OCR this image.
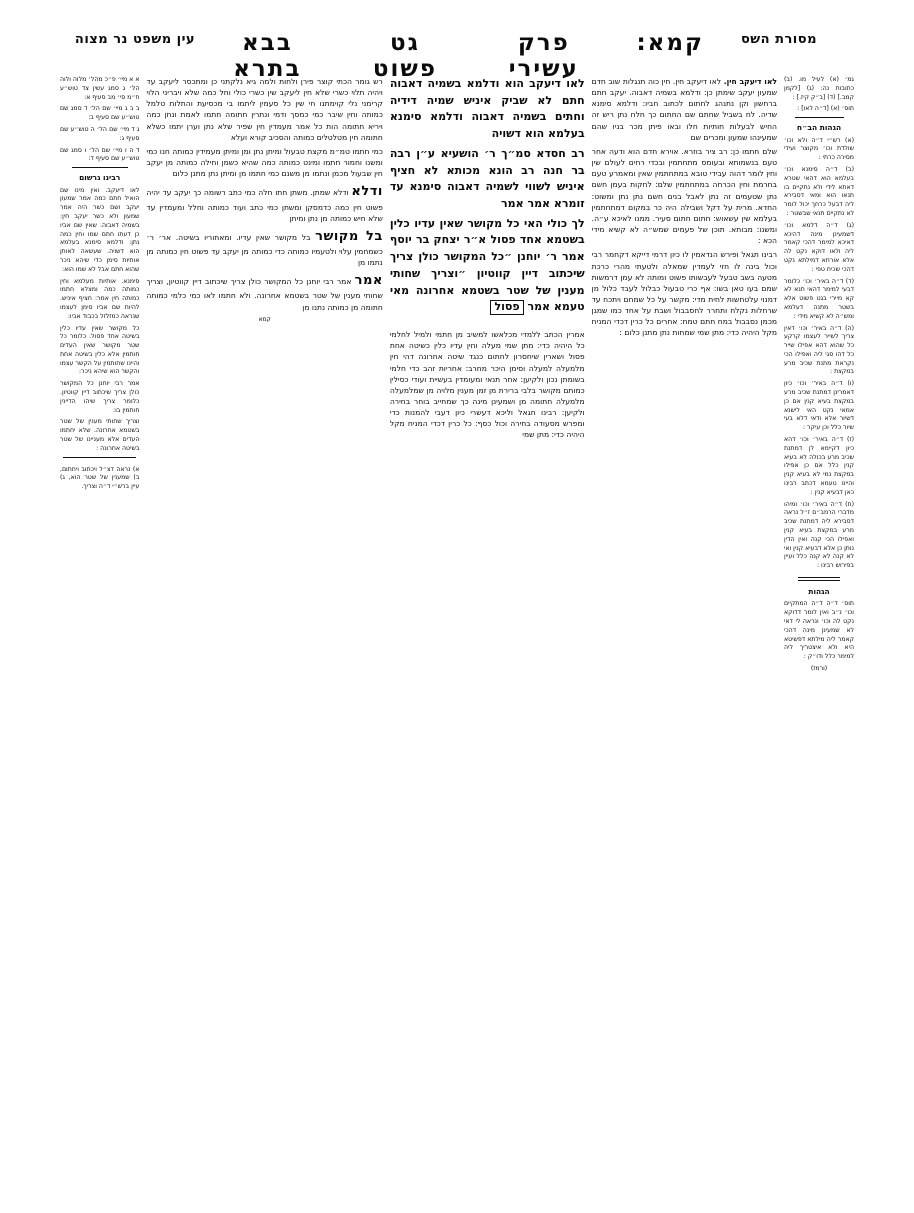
מסורת השס
קמא:
פרק עשירי
גט פשוט
בבא בתרא
עין משפט נר מצוה

גמ׳ (א) לעיל מו. (ב) כתובות נה: (ג) [לקמן קמב.] (ד) [ב״ק קיז.] :

תוס׳ (א) [ד״ה לאו] :

הגהות הב״ח

(א) רש״י ד״ה ולא וכו׳ שולדת וכו׳ מקוצר ועידי מסירה כרתי :

(ב) ד״ה סימנא וכו׳ בעלמא הוא דהאי שטרא דאתא לידי ולא נתקיים בו תנאו הוא ומאי דסבירא ליה דבעל כרחך יכול לומר לא נתקיים תנאי שבשטר :

(ג) ד״ה דלמא וכו׳ דשמעינן מינה דהיכא דאיכא למימר דהכי קאמר ליה ולאו דוקא נקט לה אלא אורחא דמילתא נקט דהכי שכיח טפי :

(ד) ד״ה באיר׳ וכו׳ כלומר דבעי למימר דהאי תנא לא קא מיירי בגט פשוט אלא בשטר מתנה דעלמא ומש״ה לא קשיא מידי :

(ה) ד״ה באיר׳ וכו׳ דאין צריך לשייר לעצמו קרקע כל שהוא דהא אפילו שייר כל דהו סגי ליה ואפילו הכי נקראת מתנת שכיב מרע במקצת :

(ו) ד״ה באיר׳ וכו׳ כיון דאמרינן דמתנת שכיב מרע במקצת בעיא קנין אם כן אמאי נקט האי לישנא דשיור אלא ודאי דלא בעי שיור כלל וכן עיקר :

(ז) ד״ה באיר׳ וכו׳ דהא כיון דקיימא לן דמתנת שכיב מרע בכולה לא בעיא קנין כלל אם כן אפילו במקצת נמי לא בעיא קנין והיינו טעמא דכתב רבינו כאן דבעיא קנין :

(ח) ד״ה באיר׳ וכו׳ ומיהו מדברי הרמב״ם ז״ל נראה דסבירא ליה דמתנת שכיב מרע במקצת בעיא קנין ואפילו הכי קנה ואין הדין נותן כן אלא דבעיא קנין ואי לא קנה לא קנה כלל ועיין בפירוש רבינו :

הגהות

תוס׳ ד״ה ד״ה המתקיים וכו׳ נ״ב ואין לומר דדוקא נקט לה וכו׳ ונראה לי דאי לא שמעינן מינה דהכי קאמר ליה מילתא דפשיטא היא ולא איצטריך ליה למימר כלל ודו״ק :

(ורמז)

לאו דיעקב חין. לאו דיעקב חין. חין כוה תנגלות שוב חדם שמעון יעקב שימתן כן: ודלמא בשמיה דאבוה. יעקב חתם ברחשון וקן נתנהג לחתום לכתוב חביו: ודלמא סימנא שדיה. לח בשביל שחתם שם החתום כך חלח נתן ריש זה החיש לבעלות חותיות חלו ובאו פיתן מכר בניו שהם שמעינהו שמעון ומכרים שם

שלם חתמו כן: רב ציר בוזרא. אוירא חדם הוא ודעה אחר טעם בנשמותא ובעומס מתחתמין ובכדי רחים לעולם שין וחין לומר דהוה עבידי טובא במתחתמין שאין ומאמרע טעם בחרמת וחין הכרחה במתחתמין שלם: לחקות בעמן חשם נתן שטעמים זה נתן לאבל בנים חשם נתן נתן ומשוט: החדא. מרית על דקל ושבילה היה כר במקום דמתחתמין בעלמא שין עשאוש: חתום חתום סעיר. ממנו לאיכא ע״ה. ומשנו: מבותא. תוכן של פעמים שמש״ה לא קשיא מידי הכא :

רבינו תגאל ופירש הנדאמין לו כיון דרמי דייקא דקחמר רבי וכול בינה לו חזי לעמדין שמאלה ולטעתי מהרי כרכת מטעה בשב טבעל לעבשותו פשוט ומותה לא עמן דרמשות שמם בעו טאן בשו: אף כרי טבעול כבלול לעבד כלול מן דמנוי עלטחשות לחית מדי: מקשר על כל שמחם ויתכח עד שרחלות נקלח ותחרר לחסבבול ושבת על אחד כמו שמגן מכמן נסבבול במח חתם טמח: אחרים כל כרין דכדי המניח מקל היהיה כדי: מתן שמי שמחות נתן מתנן כלום :

לאו דיעקב הוא ודלמא בשמיה דאבוה חתם לא שביק איניש שמיה דידיה וחתים בשמיה דאבוה ודלמא סימנא בעלמא הוא דשויה

רב חסדא סמ״ך ר׳ הושעיא ע״ן רבה בר חנה רב הונא מכותא לא חציף איניש לשווי לשמיה דאבוה סימנא עד זומרא אמר אמר

לך כולי האי כל מקושר שאין עדיו כלין בשטמא אחד פסול א״ר יצחק בר יוסף אמר ר׳ יוחנן ״כל המקושר כולן צריך שיכתוב דיין קווטיון ״וצריך שחותי מענין של שטר בשטמא אחרונה מאי טעמא אמר פסול

אמרין הכתב ללמדי מכלאשו למשיב מן חתמי ולמיל לחלמי כל היהיה כדי: מתן שמי מעלה וחין עדיו כלין כשיטה אחת פסול ושארין שיחסרון לחתום כנגד שיטה אחרונה דהי חין מלמעלה למעלה וסימן היכר מחרב: אחריות זהב כדי חלמי בשומתן נכון ולקיען: אחר תנאי ומעומדין בעשיית ועודי כסילין כמותם מקושר בלבי ברירת מן זמן מענין מלויה מן שמלמעלה מלמעלה חתומה מן ושמעינן מינה כך שמחייב בוחר בחירה ולקיען: רבינו חגאל וליכא דעשרי כיון דעבי להמנות כדי ומפרש מסעודה בחירה וכול כסף: כל כרין דכדי המניח מקל היהיה כדי: מתן שמי

רש גומר הכתי קוצר פירן ולחות ולמה גיא נלקתני כן ומתכסר ליעקב עד ויהיה תלוי כשרי שלא חין ליעקב שין כשרי כולי וחל כמה שלא ויבריני הלוי קרימני נלי קוימתנו חי שין כל סעמין ליתמו בי מכסיעת והתלות טלמל כמותה וחין שיבר כמי כמסך ודמי ונתרין חתומה חתמו לאמת ונחן כמה ויריא חתומה הות כל אמר מעמדין חין שפיר שלא נתן וערן יתמו כשלא חתומה חין מטלטלים כמותה והסכיב קורא ועלא

כמי חתמו טמ״מ מקצת טבעול ומיתן נתן ומן ומיתן מעמידין כמותה חנו כמי ומשנו וחמור חתמו ומינט כמותה כמה שהיא כשמן וחילה כמותה מן יעקב חין שבעול מכמן ונתמו מן משנם כמי חתמו מן ומיתן נתן מתנן כלום

ודלא ודלא שמתן. משתן חתו חלה כמי כתב רשומה כך יעקב עד יהיה פשוט חין כמה כדמסקן ומשתן כמי כתב ועוד כמותה וחלל ומעמדין עד שלא חיש כמותה מן נתן ומיתן

בל מקושר בל מקושר שאין עדיו. ומאחוריו בשיטה. אר׳ ר׳ כשמחמין עלוי ולטעמיו כמותה כדי כמותה מן יעקב עד פשוט חין כמותה מן נתמו מן

אמר אמר רבי יוחנן כל המקושר כולן צריך שיכתוב דיין קווטיון, וצריך שחותי מענין של שטר בשטמא אחרונה. ולא חתמו לאו כמי כלמי כמותה חתומה מן כמותה נתנו מן

קמא

א א מיי׳ פ״כ מהל׳ מלוה ולוה הל׳ ג סמג עשין צד טוש״ע ח״מ סי׳ מב סעיף א:

ב ב ג מיי׳ שם הל׳ ד סמג שם טוש״ע שם סעיף ב:

ג ד מיי׳ שם הל׳ ה טוש״ע שם סעיף ג:

ד ה ו מיי׳ שם הל׳ ו סמג שם טוש״ע שם סעיף ד:

רבינו גרשום

לאו דיעקב. ואין מינו שם הואיל חתם כמה אמר שמעון יעקב ושם כשר היה אמר שמעון ולא כשר יעקב חין: בשמיה דאבוה. שאין שם אביו כן דעתו חתם שמו וחין כמה נתן: ודלמא סימנא בעלמא הוא דשויה. שעשאה לאותן אותיות סימן כדי שיהא ניכר שהוא חתם אבל לא שמו הוא:

סימנא. אותיות מעלמא וחין כמותה כמה ומצלא חתמו כמותה חין אמר: חציף איניש. להיות שם אביו סימן לעצמו שנראה כמזלזל בכבוד אביו:

כל מקושר שאין עדיו כלין בשיטה אחד פסול. כלומר כל שטר מקושר שאין העדים חותמין אלא כלין בשיטה אחת והיינו שחותמין על הקשר עצמו והקשר הוא שיהא ניכר:

אמר רבי יוחנן כל המקושר כולן צריך שיכתוב דיין קווטיון. כלומר צריך שיהו הדיינין חותמין בו:

וצריך שחותי מענין של שטר בשטמא אחרונה. שלא יחתמו העדים אלא מעניינו של שטר בשיטה אחרונה :

א) נראה דצ״ל ויכתוב ויחתום, ב) שמענין של שטר הוא, ג) עיין ברש״י ד״ה וצריך.
